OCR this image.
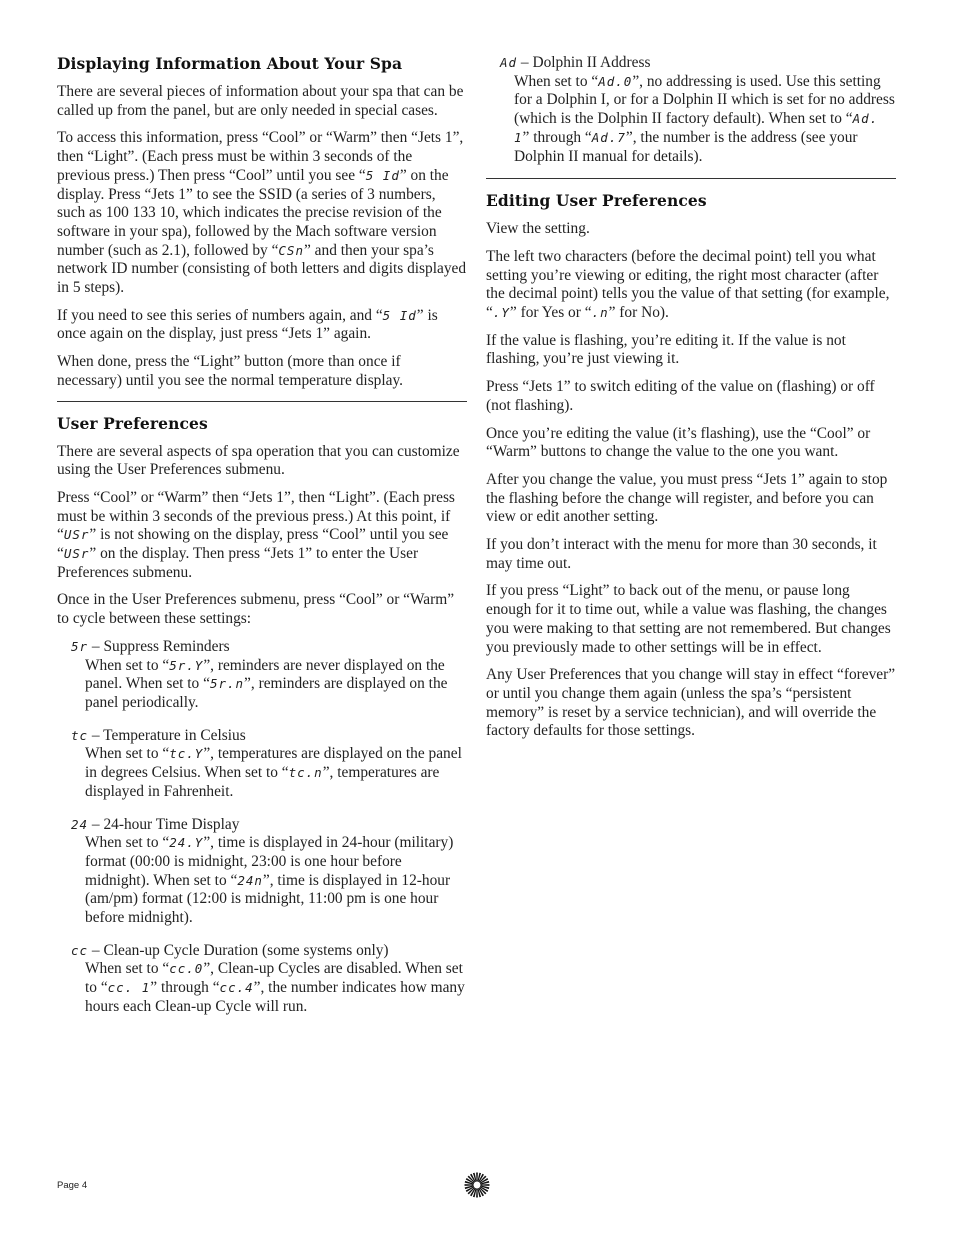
Displaying Information About Your Spa

There are several pieces of information about your spa that can be called up from the panel, but are only needed in special cases.

To access this information, press “Cool” or “Warm” then “Jets 1”, then “Light”. (Each press must be within 3 seconds of the previous press.) Then press “Cool” until you see “5 Id” on the display. Press “Jets 1” to see the SSID (a series of 3 numbers, such as 100 133 10, which indicates the precise revision of the software in your spa), followed by the Mach software version number (such as 2.1), followed by “CSn” and then your spa’s network ID number (consisting of both letters and digits displayed in 5 steps).

If you need to see this series of numbers again, and “5 Id” is once again on the display, just press “Jets 1” again.

When done, press the “Light” button (more than once if necessary) until you see the normal temperature display.

User Preferences

There are several aspects of spa operation that you can customize using the User Preferences submenu.

Press “Cool” or “Warm” then “Jets 1”, then “Light”. (Each press must be within 3 seconds of the previous press.) At this point, if “USr” is not showing on the display, press “Cool” until you see “USr” on the display. Then press “Jets 1” to enter the User Preferences submenu.

Once in the User Preferences submenu, press “Cool” or “Warm” to cycle between these settings:

5r – Suppress Reminders
When set to “5r.Y”, reminders are never displayed on the panel. When set to “5r.n”, reminders are displayed on the panel periodically.
tc – Temperature in Celsius
When set to “tc.Y”, temperatures are displayed on the panel in degrees Celsius. When set to “tc.n”, temperatures are displayed in Fahrenheit.
24 – 24-hour Time Display
When set to “24.Y”, time is displayed in 24-hour (military) format (00:00 is midnight, 23:00 is one hour before midnight). When set to “24n”, time is displayed in 12-hour (am/pm) format (12:00 is midnight, 11:00 pm is one hour before midnight).
cc – Clean-up Cycle Duration (some systems only)
When set to “cc.0”, Clean-up Cycles are disabled. When set to “cc. 1” through “cc.4”, the number indicates how many hours each Clean-up Cycle will run.
Ad – Dolphin II Address
When set to “Ad.0”, no addressing is used. Use this setting for a Dolphin I, or for a Dolphin II which is set for no address (which is the Dolphin II factory default). When set to “Ad. 1” through “Ad.7”, the number is the address (see your Dolphin II manual for details).
Editing User Preferences

View the setting.

The left two characters (before the decimal point) tell you what setting you’re viewing or editing, the right most character (after the decimal point) tells you the value of that setting (for example, “.Y” for Yes or “.n” for No).

If the value is flashing, you’re editing it. If the value is not flashing, you’re just viewing it.

Press “Jets 1” to switch editing of the value on (flashing) or off (not flashing).

Once you’re editing the value (it’s flashing), use the “Cool” or “Warm” buttons to change the value to the one you want.

After you change the value, you must press “Jets 1” again to stop the flashing before the change will register, and before you can view or edit another setting.

If you don’t interact with the menu for more than 30 seconds, it may time out.

If you press “Light” to back out of the menu, or pause long enough for it to time out, while a value was flashing, the changes you were making to that setting are not remembered. But changes you previously made to other settings will be in effect.

Any User Preferences that you change will stay in effect “forever” or until you change them again (unless the spa’s “persistent memory” is reset by a service technician), and will override the factory defaults for those settings.

Page 4
